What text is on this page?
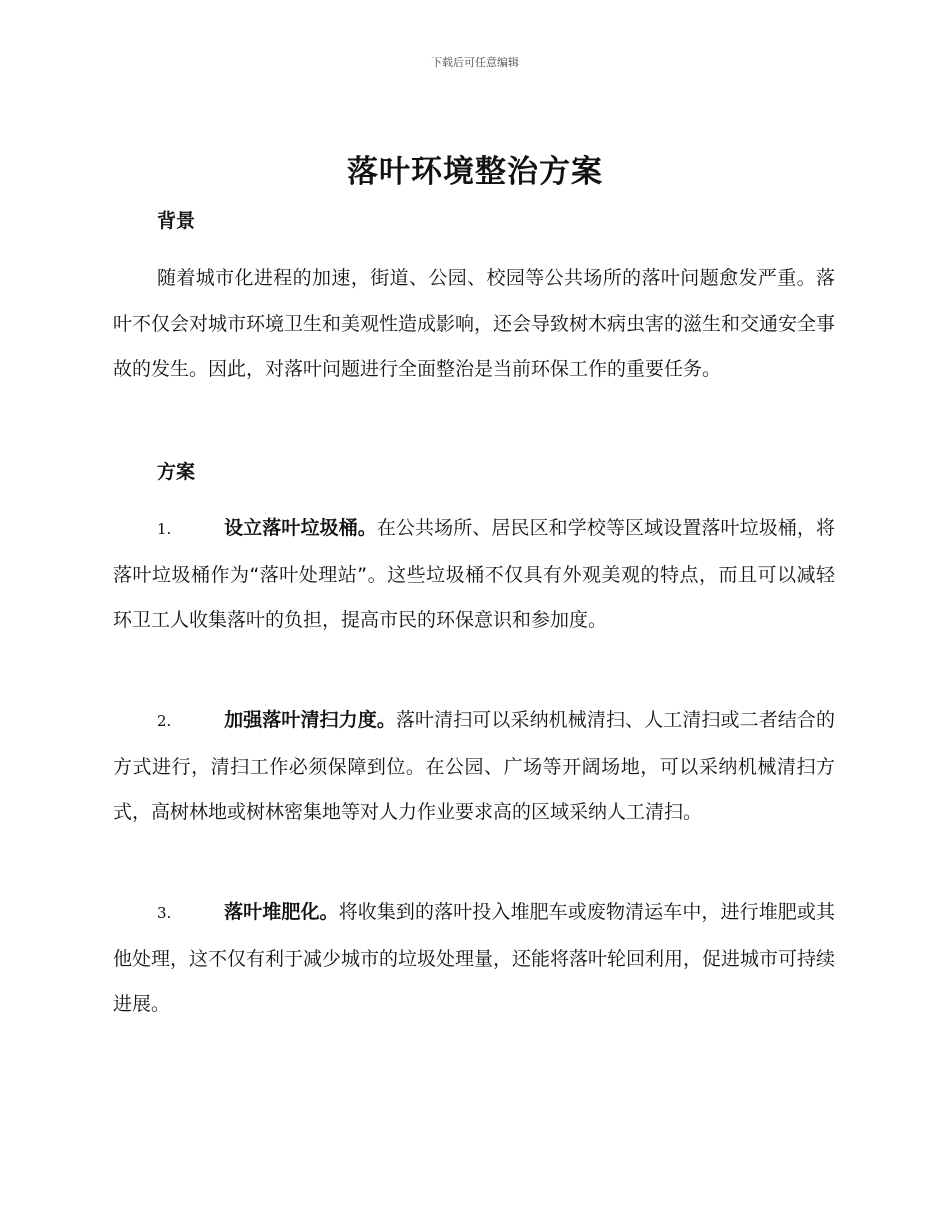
下载后可任意编辑
落叶环境整治方案
背景

随着城市化进程的加速，街道、公园、校园等公共场所的落叶问题愈发严重。落叶不仅会对城市环境卫生和美观性造成影响，还会导致树木病虫害的滋生和交通安全事故的发生。因此，对落叶问题进行全面整治是当前环保工作的重要任务。

方案

1.	设立落叶垃圾桶。在公共场所、居民区和学校等区域设置落叶垃圾桶，将落叶垃圾桶作为“落叶处理站”。这些垃圾桶不仅具有外观美观的特点，而且可以减轻环卫工人收集落叶的负担，提高市民的环保意识和参加度。

2.	加强落叶清扫力度。落叶清扫可以采纳机械清扫、人工清扫或二者结合的方式进行，清扫工作必须保障到位。在公园、广场等开阔场地，可以采纳机械清扫方式，高树林地或树林密集地等对人力作业要求高的区域采纳人工清扫。

3.	落叶堆肥化。将收集到的落叶投入堆肥车或废物清运车中，进行堆肥或其他处理，这不仅有利于减少城市的垃圾处理量，还能将落叶轮回利用，促进城市可持续进展。
